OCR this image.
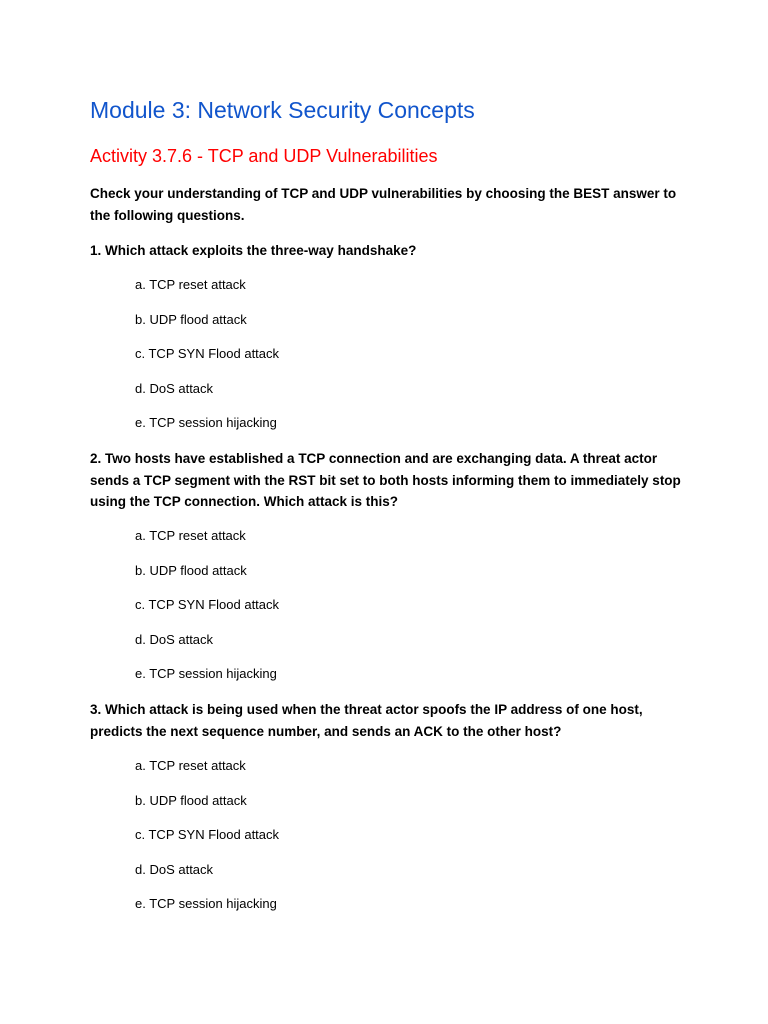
Module 3: Network Security Concepts
Activity 3.7.6 - TCP and UDP Vulnerabilities
Check your understanding of TCP and UDP vulnerabilities by choosing the BEST answer to the following questions.
1. Which attack exploits the three-way handshake?
a. TCP reset attack
b. UDP flood attack
c. TCP SYN Flood attack
d. DoS attack
e. TCP session hijacking
2. Two hosts have established a TCP connection and are exchanging data. A threat actor sends a TCP segment with the RST bit set to both hosts informing them to immediately stop using the TCP connection. Which attack is this?
a. TCP reset attack
b. UDP flood attack
c. TCP SYN Flood attack
d. DoS attack
e. TCP session hijacking
3. Which attack is being used when the threat actor spoofs the IP address of one host, predicts the next sequence number, and sends an ACK to the other host?
a. TCP reset attack
b. UDP flood attack
c. TCP SYN Flood attack
d. DoS attack
e. TCP session hijacking
